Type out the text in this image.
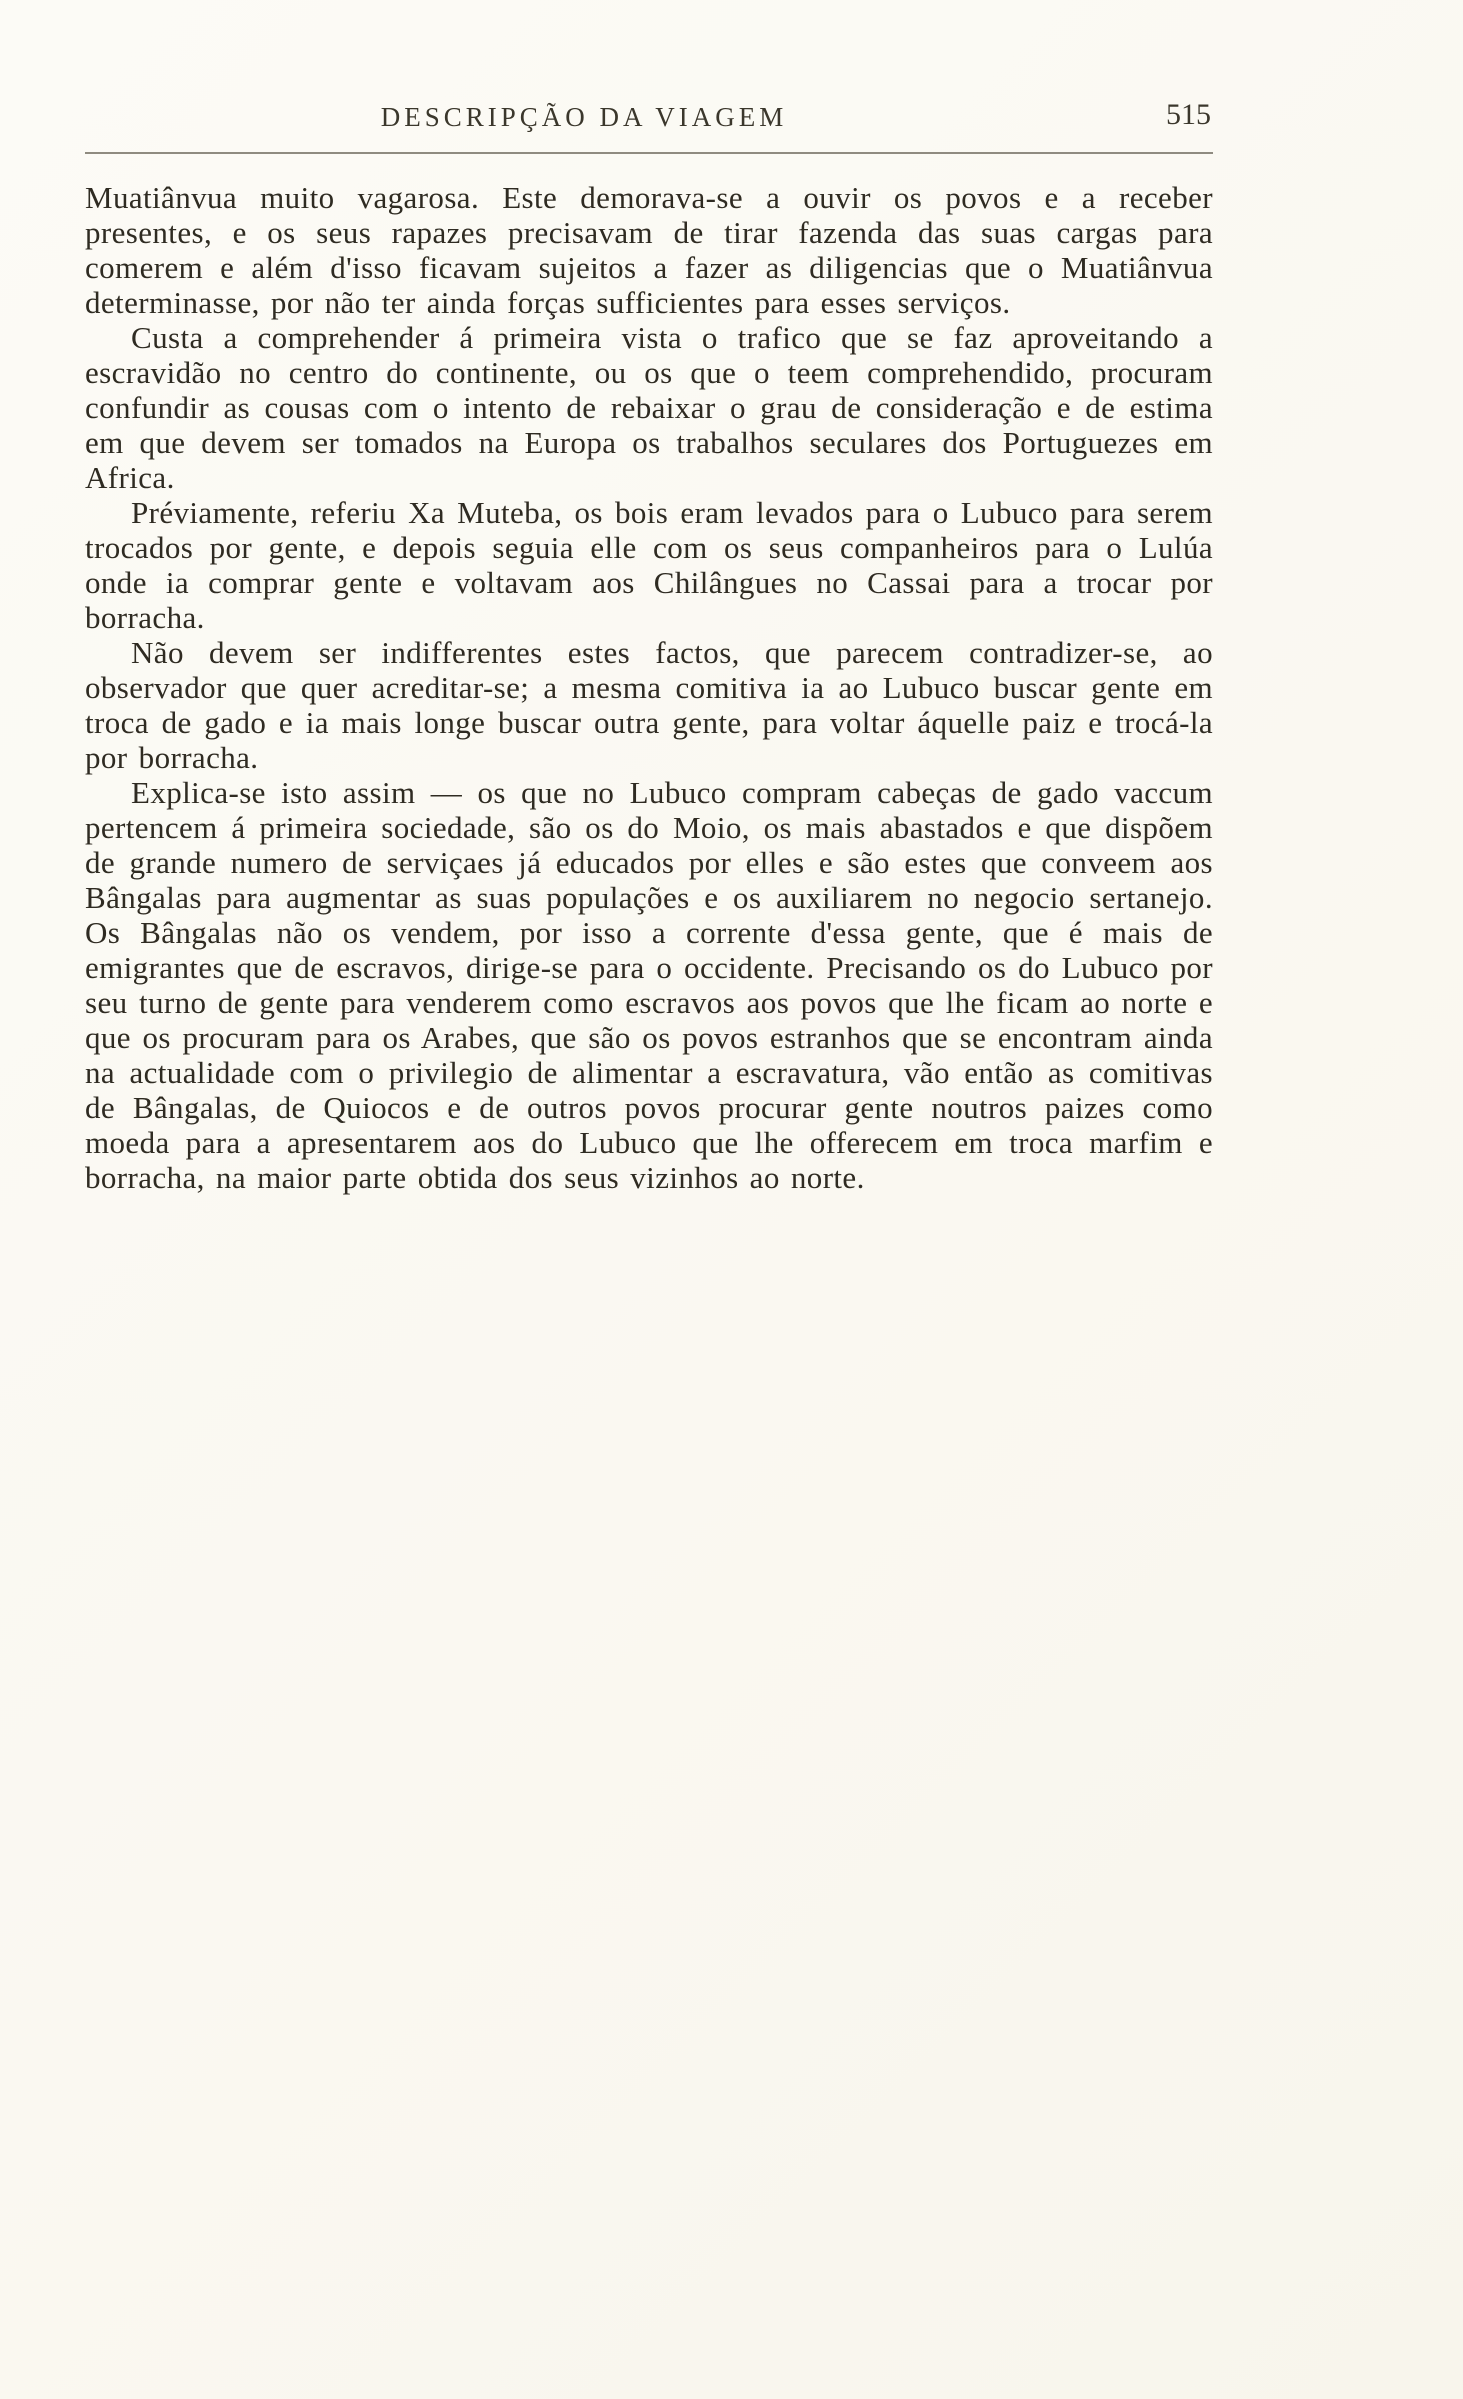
DESCRIPÇÃO DA VIAGEM	515

Muatiânvua muito vagarosa. Este demorava-se a ouvir os povos e a receber presentes, e os seus rapazes precisavam de tirar fazenda das suas cargas para comerem e além d'isso ficavam sujeitos a fazer as diligencias que o Muatiânvua determinasse, por não ter ainda forças sufficientes para esses serviços.

Custa a comprehender á primeira vista o trafico que se faz aproveitando a escravidão no centro do continente, ou os que o teem comprehendido, procuram confundir as cousas com o intento de rebaixar o grau de consideração e de estima em que devem ser tomados na Europa os trabalhos seculares dos Portuguezes em Africa.

Préviamente, referiu Xa Muteba, os bois eram levados para o Lubuco para serem trocados por gente, e depois seguia elle com os seus companheiros para o Lulúa onde ia comprar gente e voltavam aos Chilângues no Cassai para a trocar por borracha.

Não devem ser indifferentes estes factos, que parecem contradizer-se, ao observador que quer acreditar-se; a mesma comitiva ia ao Lubuco buscar gente em troca de gado e ia mais longe buscar outra gente, para voltar áquelle paiz e trocá-la por borracha.

Explica-se isto assim — os que no Lubuco compram cabeças de gado vaccum pertencem á primeira sociedade, são os do Moio, os mais abastados e que dispõem de grande numero de serviçaes já educados por elles e são estes que conveem aos Bângalas para augmentar as suas populações e os auxiliarem no negocio sertanejo. Os Bângalas não os vendem, por isso a corrente d'essa gente, que é mais de emigrantes que de escravos, dirige-se para o occidente. Precisando os do Lubuco por seu turno de gente para venderem como escravos aos povos que lhe ficam ao norte e que os procuram para os Arabes, que são os povos estranhos que se encontram ainda na actualidade com o privilegio de alimentar a escravatura, vão então as comitivas de Bângalas, de Quiocos e de outros povos procurar gente noutros paizes como moeda para a apresentarem aos do Lubuco que lhe offerecem em troca marfim e borracha, na maior parte obtida dos seus vizinhos ao norte.
